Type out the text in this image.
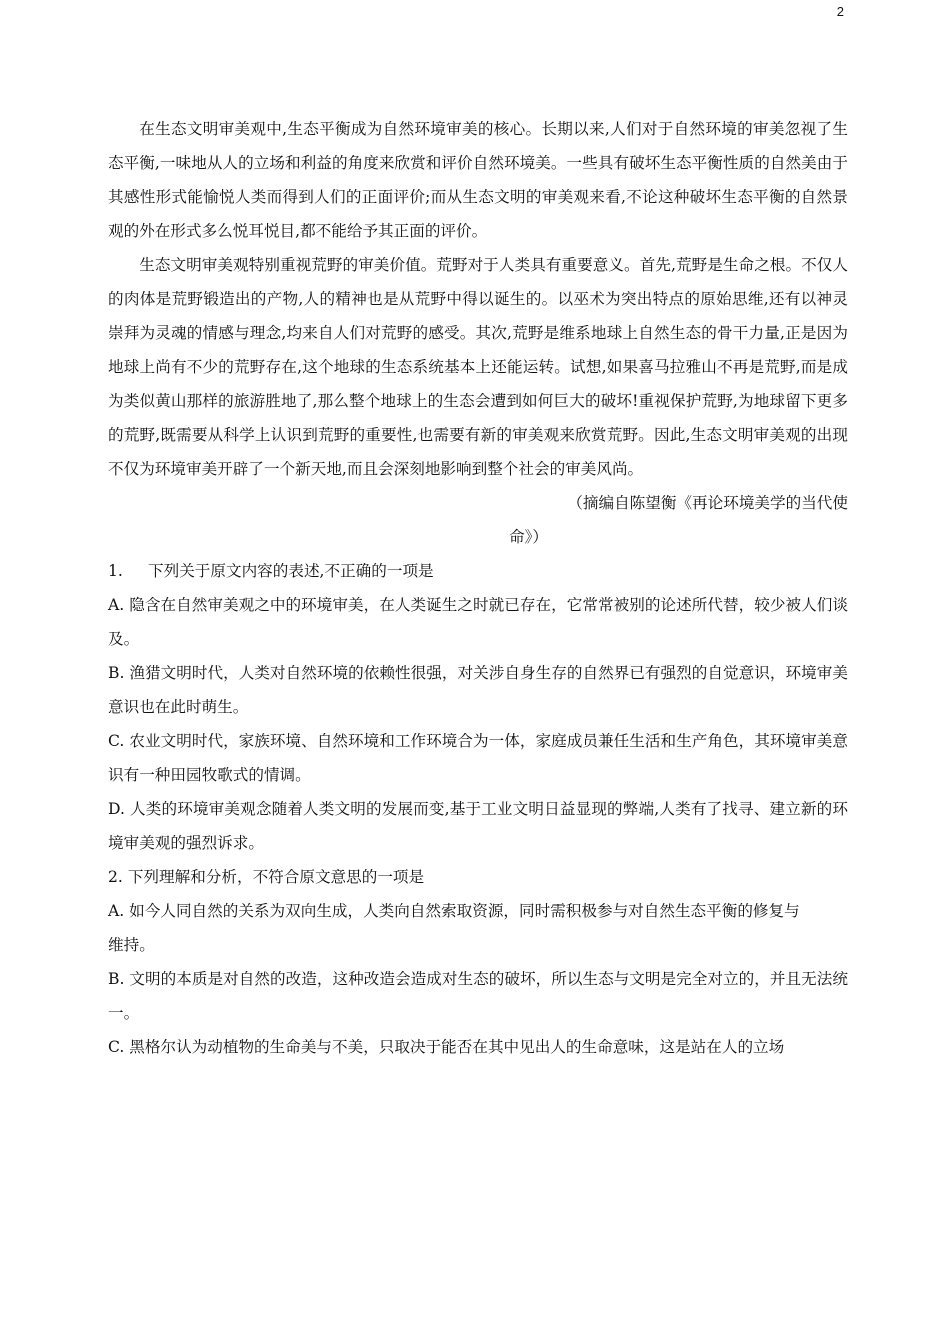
2

在生态文明审美观中,生态平衡成为自然环境审美的核心。长期以来,人们对于自然环境的审美忽视了生态平衡,一味地从人的立场和利益的角度来欣赏和评价自然环境美。一些具有破坏生态平衡性质的自然美由于其感性形式能愉悦人类而得到人们的正面评价;而从生态文明的审美观来看,不论这种破坏生态平衡的自然景观的外在形式多么悦耳悦目,都不能给予其正面的评价。

生态文明审美观特别重视荒野的审美价值。荒野对于人类具有重要意义。首先,荒野是生命之根。不仅人的肉体是荒野锻造出的产物,人的精神也是从荒野中得以诞生的。以巫术为突出特点的原始思维,还有以神灵崇拜为灵魂的情感与理念,均来自人们对荒野的感受。其次,荒野是维系地球上自然生态的骨干力量,正是因为地球上尚有不少的荒野存在,这个地球的生态系统基本上还能运转。试想,如果喜马拉雅山不再是荒野,而是成为类似黄山那样的旅游胜地了,那么整个地球上的生态会遭到如何巨大的破坏!重视保护荒野,为地球留下更多的荒野,既需要从科学上认识到荒野的重要性,也需要有新的审美观来欣赏荒野。因此,生态文明审美观的出现不仅为环境审美开辟了一个新天地,而且会深刻地影响到整个社会的审美风尚。

（摘编自陈望衡《再论环境美学的当代使

命》）

1. 下列关于原文内容的表述,不正确的一项是

A. 隐含在自然审美观之中的环境审美，在人类诞生之时就已存在，它常常被别的论述所代替，较少被人们谈及。

B. 渔猎文明时代，人类对自然环境的依赖性很强，对关涉自身生存的自然界已有强烈的自觉意识，环境审美意识也在此时萌生。

C. 农业文明时代，家族环境、自然环境和工作环境合为一体，家庭成员兼任生活和生产角色，其环境审美意识有一种田园牧歌式的情调。

D. 人类的环境审美观念随着人类文明的发展而变,基于工业文明日益显现的弊端,人类有了找寻、建立新的环境审美观的强烈诉求。

2. 下列理解和分析，不符合原文意思的一项是

A. 如今人同自然的关系为双向生成，人类向自然索取资源，同时需积极参与对自然生态平衡的修复与
维持。

B. 文明的本质是对自然的改造，这种改造会造成对生态的破坏，所以生态与文明是完全对立的，并且无法统一。

C. 黑格尔认为动植物的生命美与不美，只取决于能否在其中见出人的生命意味，这是站在人的立场
